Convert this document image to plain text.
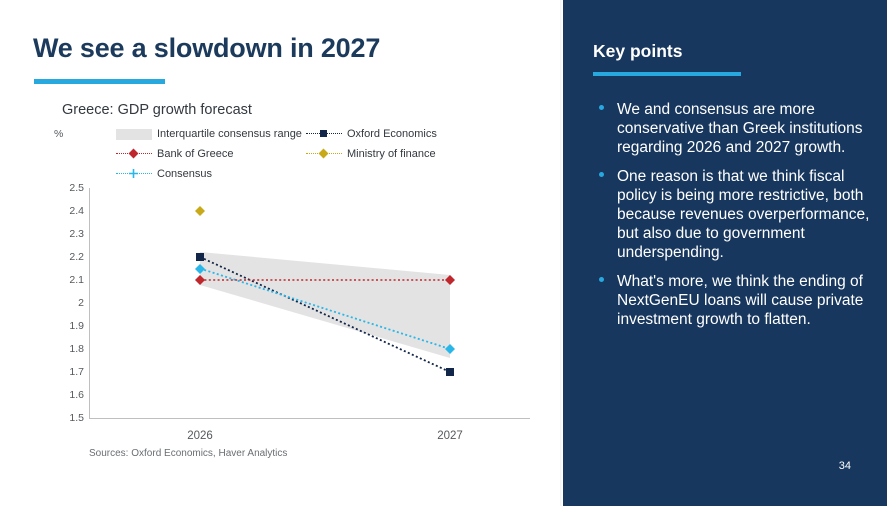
We see a slowdown in 2027
Greece: GDP growth forecast
%	Interquartile consensus range	Oxford Economics
Bank of Greece	Ministry of finance
Consensus
2.5
2.4
2.3
2.2
2.1
2
1.9
1.8
1.7
1.6
1.5
2026	2027
Sources: Oxford Economics, Haver Analytics
Key points
We and consensus are more conservative than Greek institutions regarding 2026 and 2027 growth.
One reason is that we think fiscal policy is being more restrictive, both because revenues overperformance, but also due to government underspending.
What's more, we think the ending of NextGenEU loans will cause private investment growth to flatten.
34
